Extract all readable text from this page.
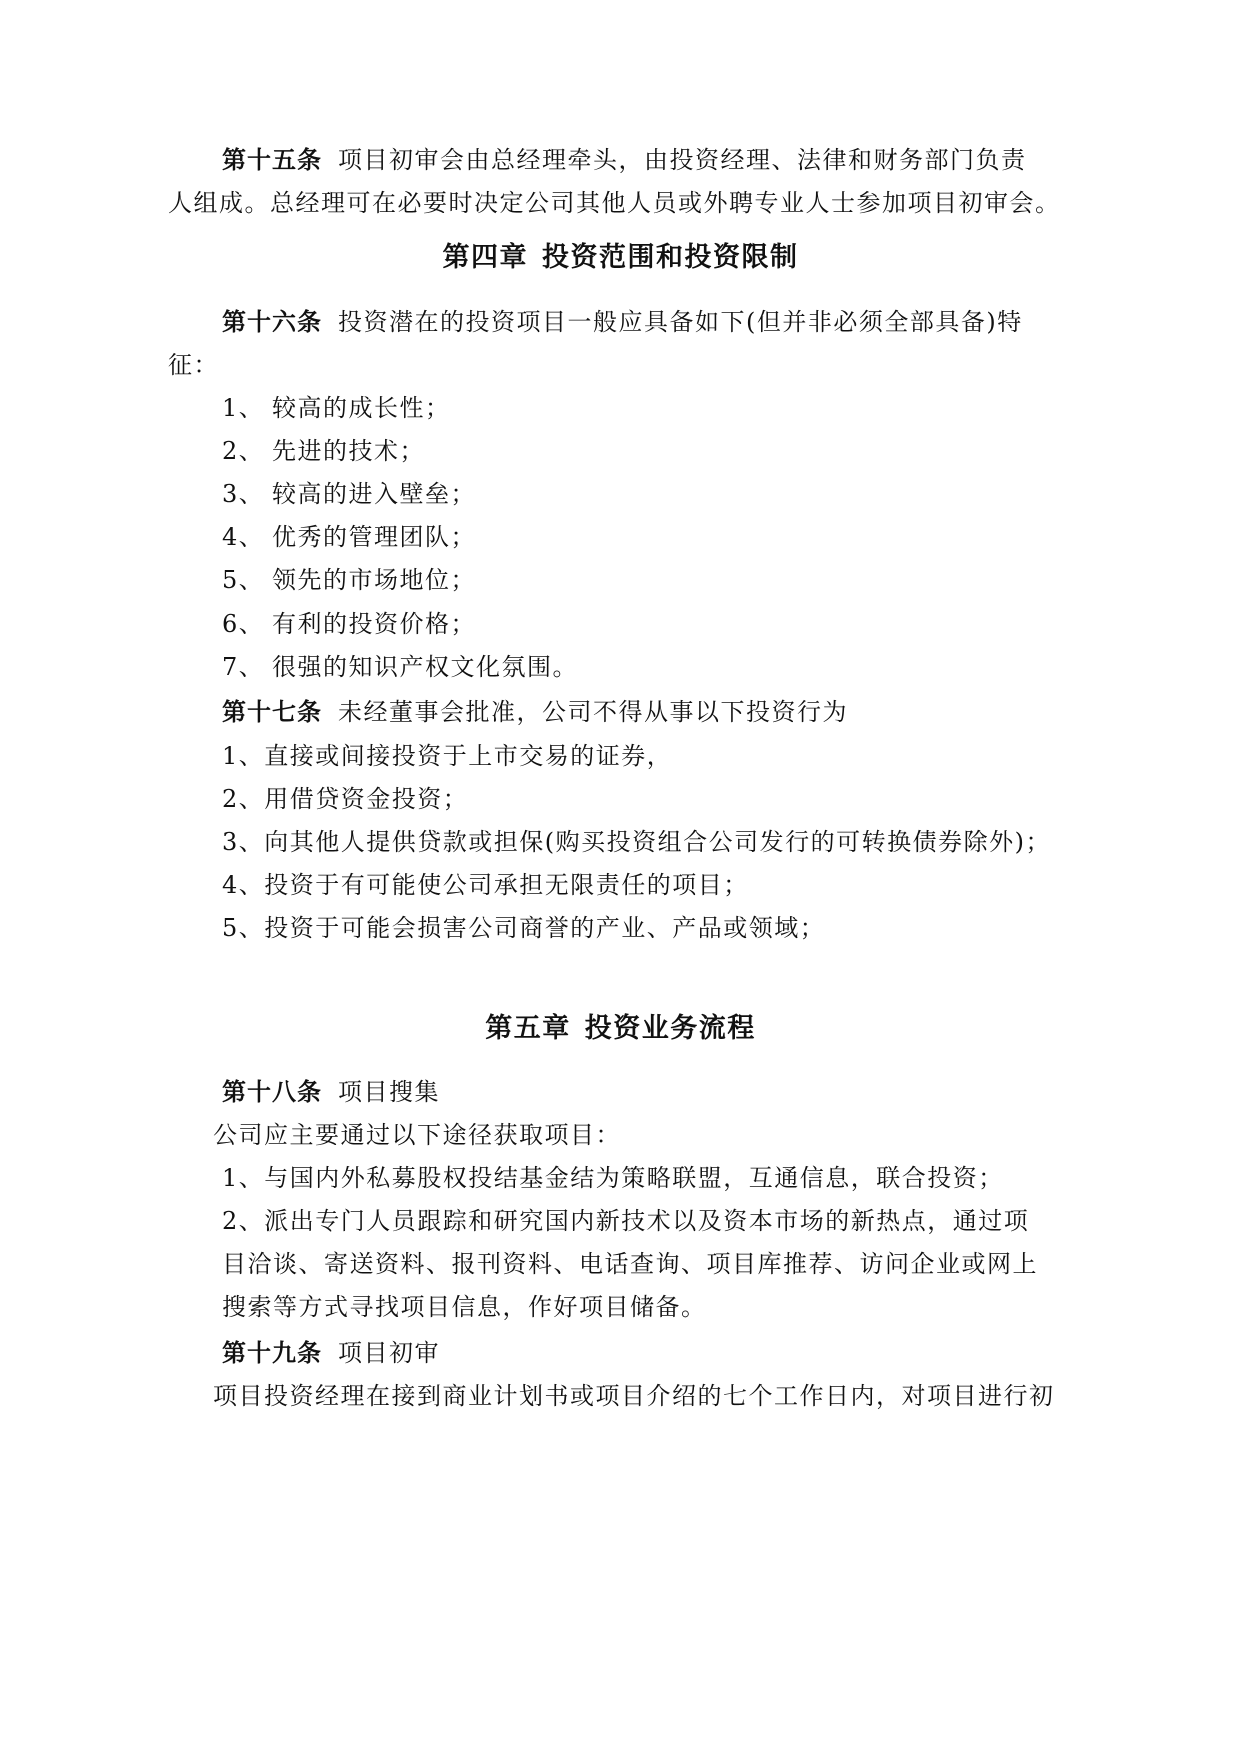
第十五条 项目初审会由总经理牵头，由投资经理、法律和财务部门负责
人组成。总经理可在必要时决定公司其他人员或外聘专业人士参加项目初审会。
第四章 投资范围和投资限制
第十六条 投资潜在的投资项目一般应具备如下(但并非必须全部具备)特
征：
1、 较高的成长性；
2、 先进的技术；
3、 较高的进入壁垒；
4、 优秀的管理团队；
5、 领先的市场地位；
6、 有利的投资价格；
7、 很强的知识产权文化氛围。
第十七条 未经董事会批准，公司不得从事以下投资行为
1、直接或间接投资于上市交易的证券，
2、用借贷资金投资；
3、向其他人提供贷款或担保(购买投资组合公司发行的可转换债券除外)；
4、投资于有可能使公司承担无限责任的项目；
5、投资于可能会损害公司商誉的产业、产品或领域；
第五章 投资业务流程
第十八条 项目搜集
公司应主要通过以下途径获取项目：
1、与国内外私募股权投结基金结为策略联盟，互通信息，联合投资；
2、派出专门人员跟踪和研究国内新技术以及资本市场的新热点，通过项
目洽谈、寄送资料、报刊资料、电话查询、项目库推荐、访问企业或网上
搜索等方式寻找项目信息，作好项目储备。
第十九条 项目初审
项目投资经理在接到商业计划书或项目介绍的七个工作日内，对项目进行初
